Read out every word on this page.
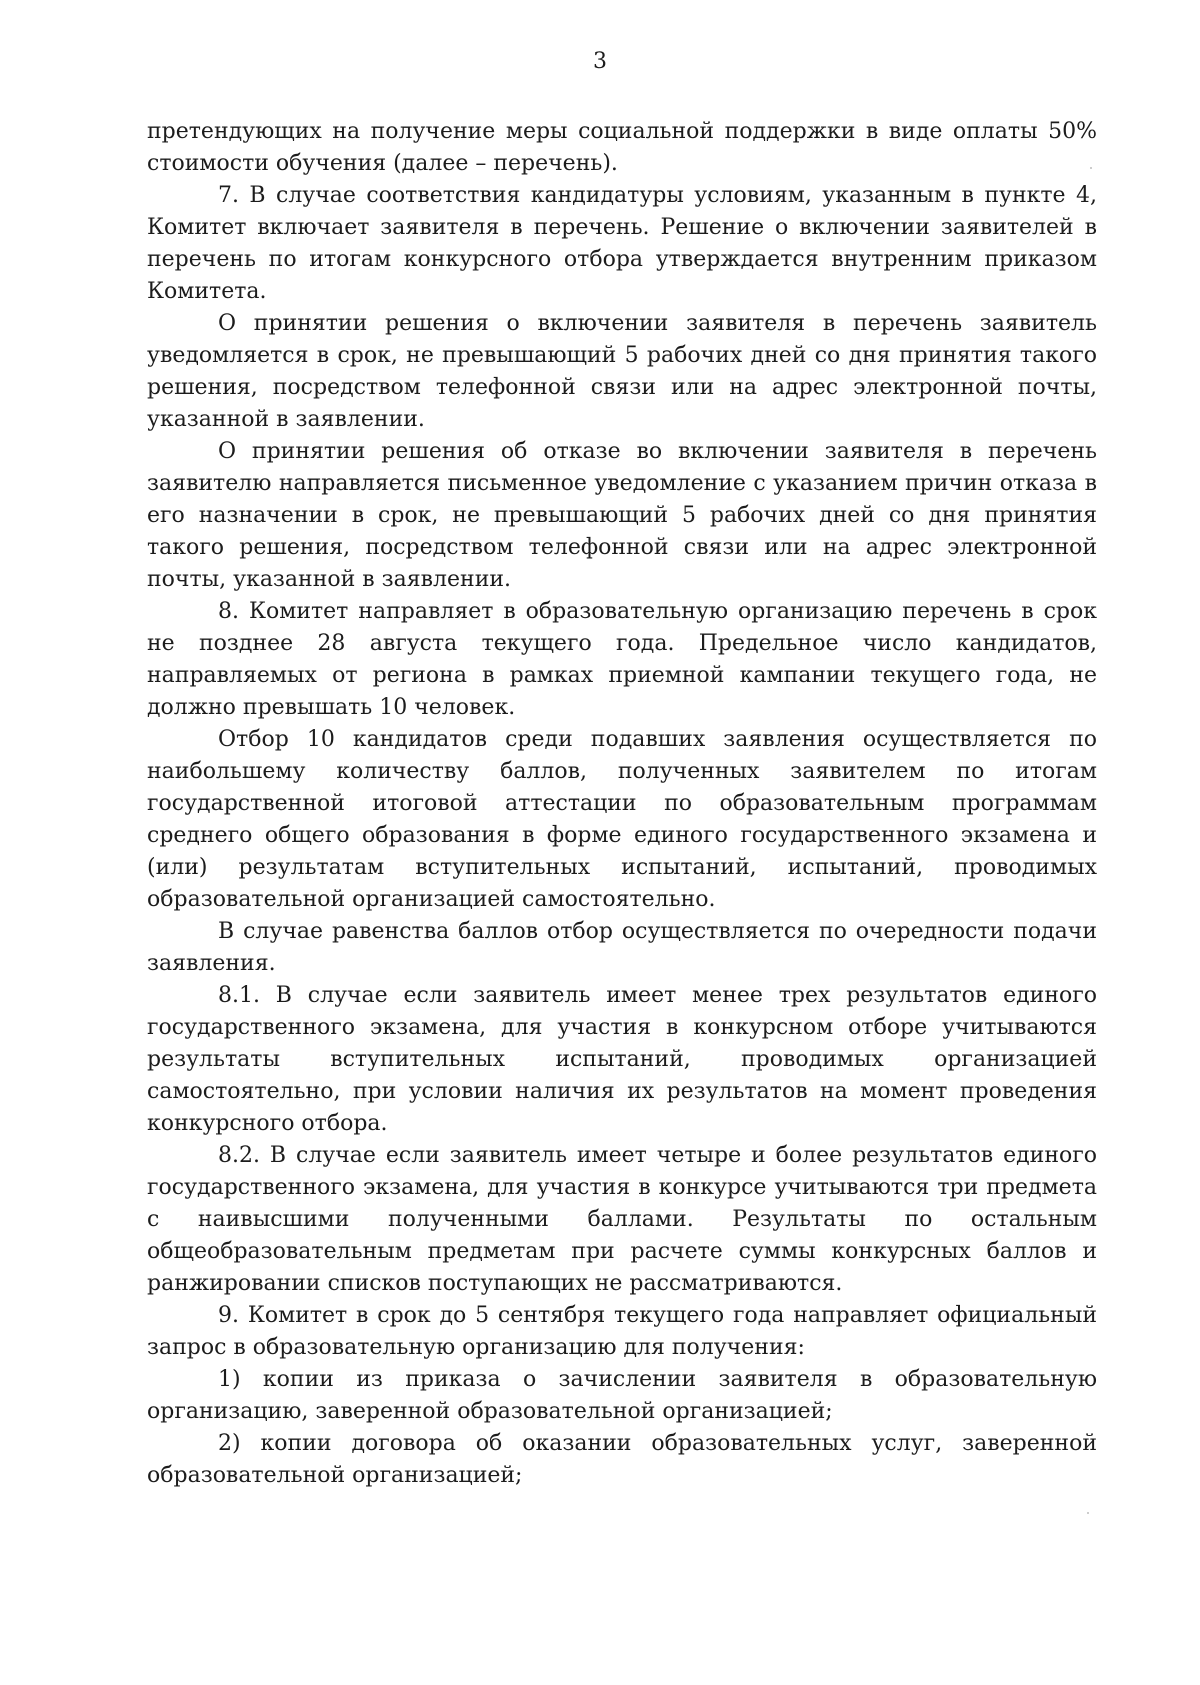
3

претендующих на получение меры социальной поддержки в виде оплаты 50% стоимости обучения (далее – перечень).

7. В случае соответствия кандидатуры условиям, указанным в пункте 4, Комитет включает заявителя в перечень. Решение о включении заявителей в перечень по итогам конкурсного отбора утверждается внутренним приказом Комитета.

О принятии решения о включении заявителя в перечень заявитель уведомляется в срок, не превышающий 5 рабочих дней со дня принятия такого решения, посредством телефонной связи или на адрес электронной почты, указанной в заявлении.

О принятии решения об отказе во включении заявителя в перечень заявителю направляется письменное уведомление с указанием причин отказа в его назначении в срок, не превышающий 5 рабочих дней со дня принятия такого решения, посредством телефонной связи или на адрес электронной почты, указанной в заявлении.

8. Комитет направляет в образовательную организацию перечень в срок не позднее 28 августа текущего года. Предельное число кандидатов, направляемых от региона в рамках приемной кампании текущего года, не должно превышать 10 человек.

Отбор 10 кандидатов среди подавших заявления осуществляется по наибольшему количеству баллов, полученных заявителем по итогам государственной итоговой аттестации по образовательным программам среднего общего образования в форме единого государственного экзамена и (или) результатам вступительных испытаний, испытаний, проводимых образовательной организацией самостоятельно.

В случае равенства баллов отбор осуществляется по очередности подачи заявления.

8.1. В случае если заявитель имеет менее трех результатов единого государственного экзамена, для участия в конкурсном отборе учитываются результаты вступительных испытаний, проводимых организацией самостоятельно, при условии наличия их результатов на момент проведения конкурсного отбора.

8.2. В случае если заявитель имеет четыре и более результатов единого государственного экзамена, для участия в конкурсе учитываются три предмета с наивысшими полученными баллами. Результаты по остальным общеобразовательным предметам при расчете суммы конкурсных баллов и ранжировании списков поступающих не рассматриваются.

9. Комитет в срок до 5 сентября текущего года направляет официальный запрос в образовательную организацию для получения:

1) копии из приказа о зачислении заявителя в образовательную организацию, заверенной образовательной организацией;

2) копии договора об оказании образовательных услуг, заверенной образовательной организацией;
